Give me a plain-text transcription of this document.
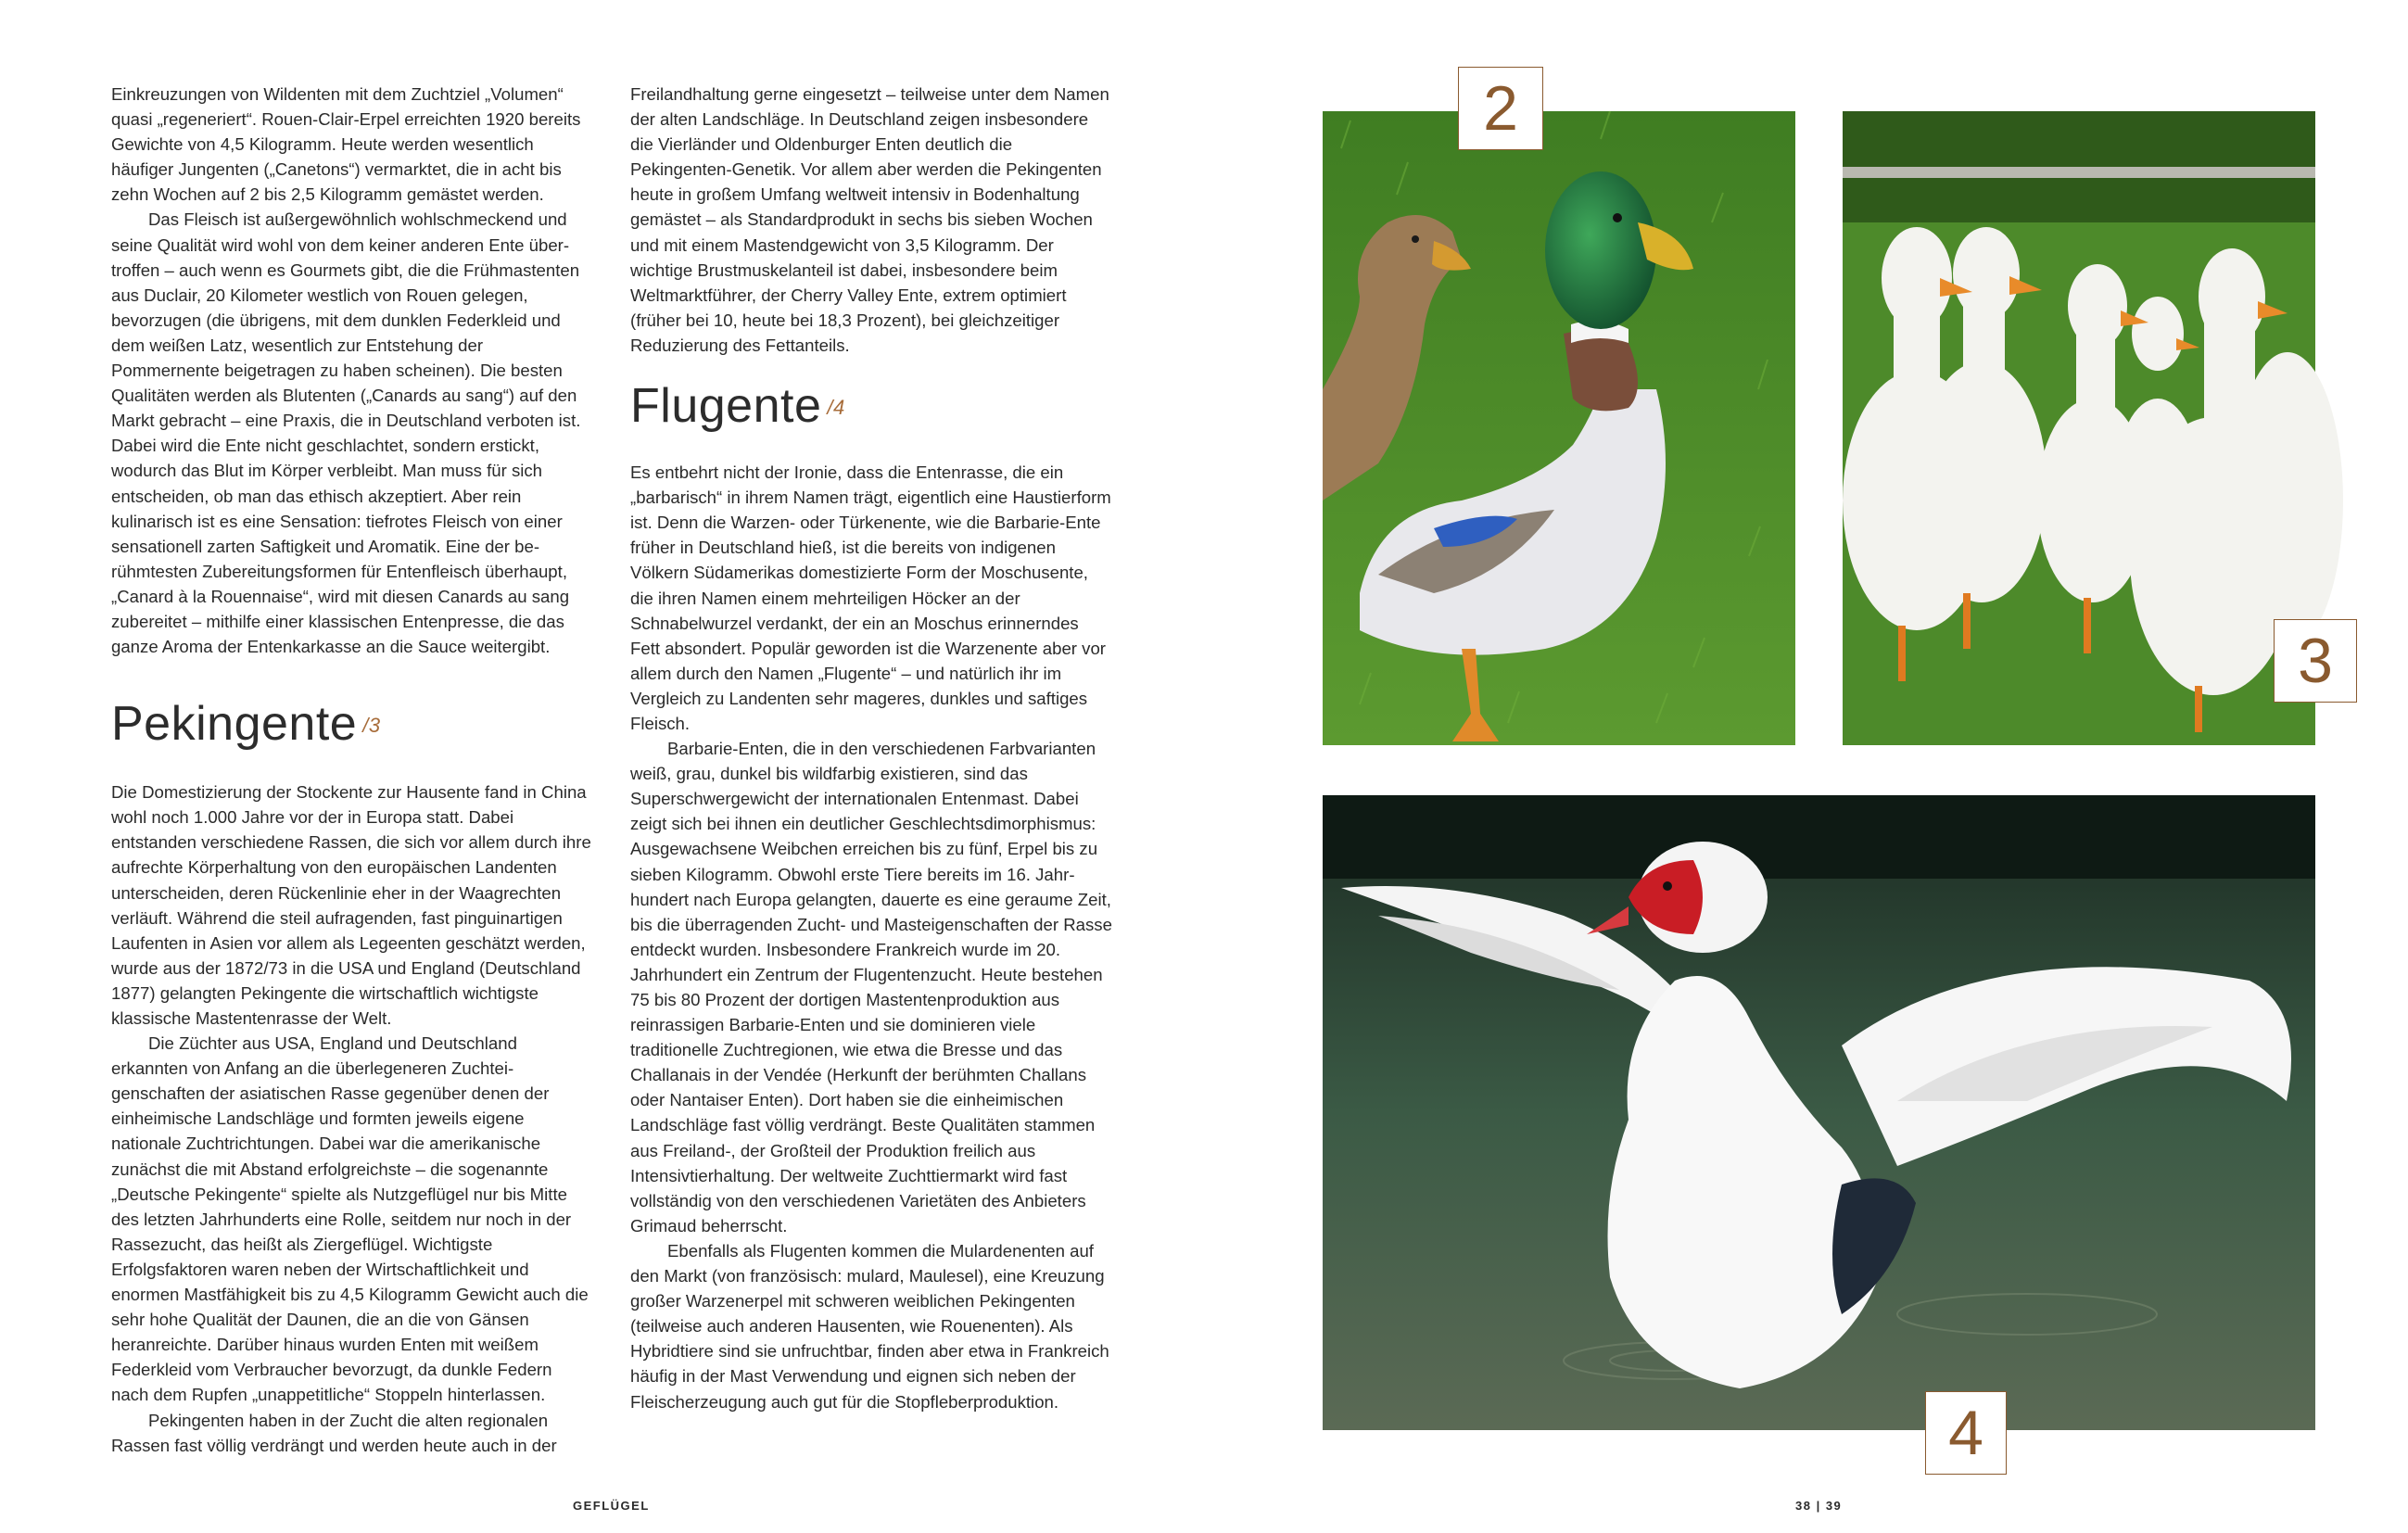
Einkreuzungen von Wildenten mit dem Zuchtziel „Volumen“ quasi „regeneriert“. Rouen-Clair-Erpel erreichten 1920 bereits Gewichte von 4,5 Kilogramm. Heute werden wesentlich häufiger Jungenten („Canetons“) vermarktet, die in acht bis zehn Wochen auf 2 bis 2,5 Kilogramm gemästet werden.

Das Fleisch ist außergewöhnlich wohlschmeckend und seine Qualität wird wohl von dem keiner anderen Ente übertroffen – auch wenn es Gourmets gibt, die die Frühmastenten aus Duclair, 20 Kilometer westlich von Rouen gelegen, bevorzugen (die übrigens, mit dem dunklen Federkleid und dem weißen Latz, wesentlich zur Entstehung der Pommernente beigetragen zu haben scheinen). Die besten Qualitäten werden als Blutenten („Canards au sang“) auf den Markt gebracht – eine Praxis, die in Deutschland verboten ist. Dabei wird die Ente nicht geschlachtet, sondern erstickt, wodurch das Blut im Körper verbleibt. Man muss für sich entscheiden, ob man das ethisch akzeptiert. Aber rein kulinarisch ist es eine Sensation: tiefrotes Fleisch von einer sensationell zarten Saftigkeit und Aromatik. Eine der berühmtesten Zubereitungsformen für Entenfleisch überhaupt, „Canard à la Rouennaise“, wird mit diesen Canards au sang zubereitet – mithilfe einer klassischen Entenpresse, die das ganze Aroma der Entenkarkasse an die Sauce weitergibt.

Pekingente $^{/3}$

Die Domestizierung der Stockente zur Hausente fand in China wohl noch 1.000 Jahre vor der in Europa statt. Dabei entstanden verschiedene Rassen, die sich vor allem durch ihre aufrechte Körperhaltung von den europäischen Landenten unterscheiden, deren Rückenlinie eher in der Waagrechten verläuft. Während die steil aufragenden, fast pinguinartigen Laufenten in Asien vor allem als Legeenten geschätzt werden, wurde aus der 1872/73 in die USA und England (Deutschland 1877) gelangten Pekingente die wirtschaftlich wichtigste klassische Mastentenrasse der Welt.

Die Züchter aus USA, England und Deutschland erkannten von Anfang an die überlegeneren Zuchteigenschaften der asiatischen Rasse gegenüber denen der einheimische Landschläge und formten jeweils eigene nationale Zuchtrichtungen. Dabei war die amerikanische zunächst die mit Abstand erfolgreichste – die sogenannte „Deutsche Pekingente“ spielte als Nutzgeflügel nur bis Mitte des letzten Jahrhunderts eine Rolle, seitdem nur noch in der Rassezucht, das heißt als Ziergeflügel. Wichtigste Erfolgsfaktoren waren neben der Wirtschaftlichkeit und enormen Mastfähigkeit bis zu 4,5 Kilogramm Gewicht auch die sehr hohe Qualität der Daunen, die an die von Gänsen heranreichte. Darüber hinaus wurden Enten mit weißem Federkleid vom Verbraucher bevorzugt, da dunkle Federn nach dem Rupfen „unappetitliche“ Stoppeln hinterlassen.

Pekingenten haben in der Zucht die alten regionalen Rassen fast völlig verdrängt und werden heute auch in der

Freilandhaltung gerne eingesetzt – teilweise unter dem Namen der alten Landschläge. In Deutschland zeigen insbesondere die Vierländer und Oldenburger Enten deutlich die Pekingenten-Genetik. Vor allem aber werden die Pekingenten heute in großem Umfang weltweit intensiv in Bodenhaltung gemästet – als Standardprodukt in sechs bis sieben Wochen und mit einem Mastendgewicht von 3,5 Kilogramm. Der wichtige Brustmuskelanteil ist dabei, insbesondere beim Weltmarktführer, der Cherry Valley Ente, extrem optimiert (früher bei 10, heute bei 18,3 Prozent), bei gleichzeitiger Reduzierung des Fettanteils.

Flugente $^{/4}$

Es entbehrt nicht der Ironie, dass die Entenrasse, die ein „barbarisch“ in ihrem Namen trägt, eigentlich eine Haustierform ist. Denn die Warzen- oder Türkenente, wie die Barbarie-Ente früher in Deutschland hieß, ist die bereits von indigenen Völkern Südamerikas domestizierte Form der Moschusente, die ihren Namen einem mehrteiligen Höcker an der Schnabelwurzel verdankt, der ein an Moschus erinnerndes Fett absondert. Populär geworden ist die Warzenente aber vor allem durch den Namen „Flugente“ – und natürlich ihr im Vergleich zu Landenten sehr mageres, dunkles und saftiges Fleisch.

Barbarie-Enten, die in den verschiedenen Farbvarianten weiß, grau, dunkel bis wildfarbig existieren, sind das Superschwergewicht der internationalen Entenmast. Dabei zeigt sich bei ihnen ein deutlicher Geschlechtsdimorphismus: Ausgewachsene Weibchen erreichen bis zu fünf, Erpel bis zu sieben Kilogramm. Obwohl erste Tiere bereits im 16. Jahrhundert nach Europa gelangten, dauerte es eine geraume Zeit, bis die überragenden Zucht- und Masteigenschaften der Rasse entdeckt wurden. Insbesondere Frankreich wurde im 20. Jahrhundert ein Zentrum der Flugentenzucht. Heute bestehen 75 bis 80 Prozent der dortigen Mastentenproduktion aus reinrassigen Barbarie-Enten und sie dominieren viele traditionelle Zuchtregionen, wie etwa die Bresse und das Challanais in der Vendée (Herkunft der berühmten Challans oder Nantaiser Enten). Dort haben sie die einheimischen Landschläge fast völlig verdrängt. Beste Qualitäten stammen aus Freiland-, der Großteil der Produktion freilich aus Intensivtierhaltung. Der weltweite Zuchttiermarkt wird fast vollständig von den verschiedenen Varietäten des Anbieters Grimaud beherrscht.

Ebenfalls als Flugenten kommen die Mulardenenten auf den Markt (von französisch: mulard, Maulesel), eine Kreuzung großer Warzenerpel mit schweren weiblichen Pekingenten (teilweise auch anderen Hausenten, wie Rouenenten). Als Hybridtiere sind sie unfruchtbar, finden aber etwa in Frankreich häufig in der Mast Verwendung und eignen sich neben der Fleischerzeugung auch gut für die Stopfleberproduktion.

2
3
4
GEFLÜGEL	38 | 39
